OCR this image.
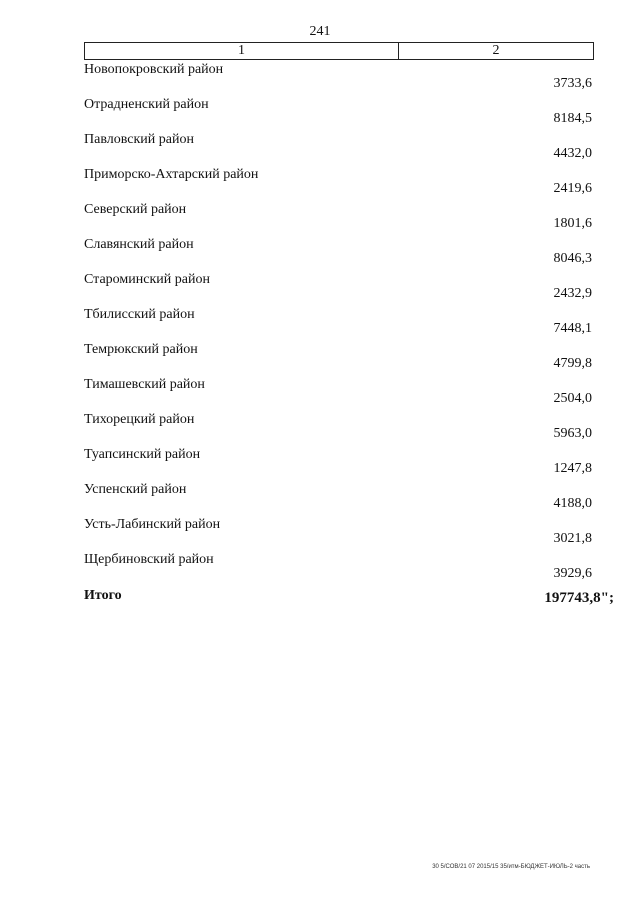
241
1	2
Новопокровский район
3733,6
Отрадненский район
8184,5
Павловский район
4432,0
Приморско-Ахтарский район
2419,6
Северский район
1801,6
Славянский район
8046,3
Староминский район
2432,9
Тбилисский район
7448,1
Темрюкский район
4799,8
Тимашевский район
2504,0
Тихорецкий район
5963,0
Туапсинский район
1247,8
Успенский район
4188,0
Усть-Лабинский район
3021,8
Щербиновский район
3929,6
Итого	197743,8";
30 5/СОВ/21 07 2015/15 35/итм-БЮДЖЕТ-ИЮЛЬ-2 часть
